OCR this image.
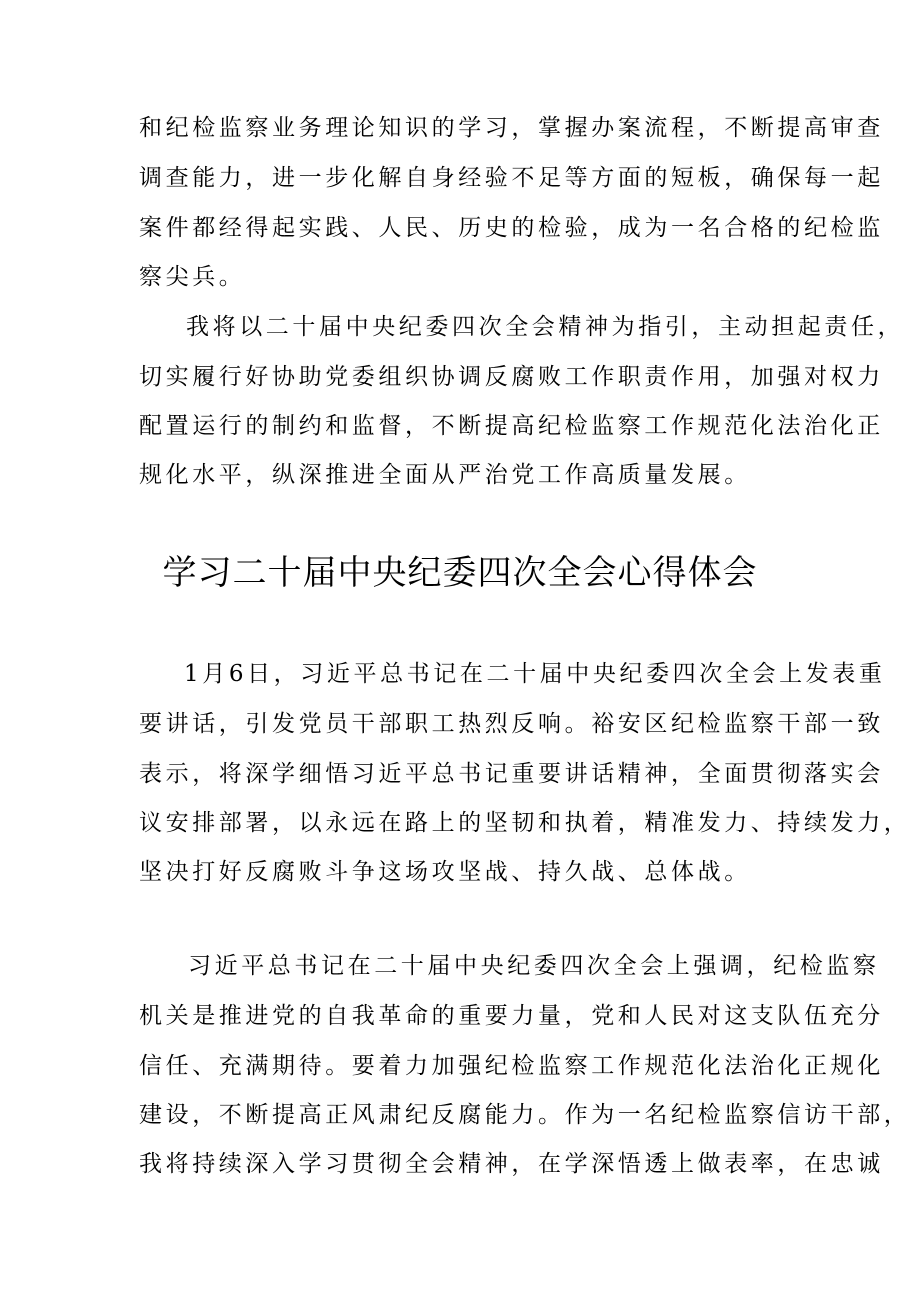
和纪检监察业务理论知识的学习，掌握办案流程，不断提高审查
调查能力，进一步化解自身经验不足等方面的短板，确保每一起
案件都经得起实践、人民、历史的检验，成为一名合格的纪检监
察尖兵。
我将以二十届中央纪委四次全会精神为指引，主动担起责任，
切实履行好协助党委组织协调反腐败工作职责作用，加强对权力
配置运行的制约和监督，不断提高纪检监察工作规范化法治化正
规化水平，纵深推进全面从严治党工作高质量发展。
学习二十届中央纪委四次全会心得体会
1月6日，习近平总书记在二十届中央纪委四次全会上发表重
要讲话，引发党员干部职工热烈反响。裕安区纪检监察干部一致
表示，将深学细悟习近平总书记重要讲话精神，全面贯彻落实会
议安排部署，以永远在路上的坚韧和执着，精准发力、持续发力，
坚决打好反腐败斗争这场攻坚战、持久战、总体战。
习近平总书记在二十届中央纪委四次全会上强调，纪检监察
机关是推进党的自我革命的重要力量，党和人民对这支队伍充分
信任、充满期待。要着力加强纪检监察工作规范化法治化正规化
建设，不断提高正风肃纪反腐能力。作为一名纪检监察信访干部，
我将持续深入学习贯彻全会精神，在学深悟透上做表率，在忠诚
